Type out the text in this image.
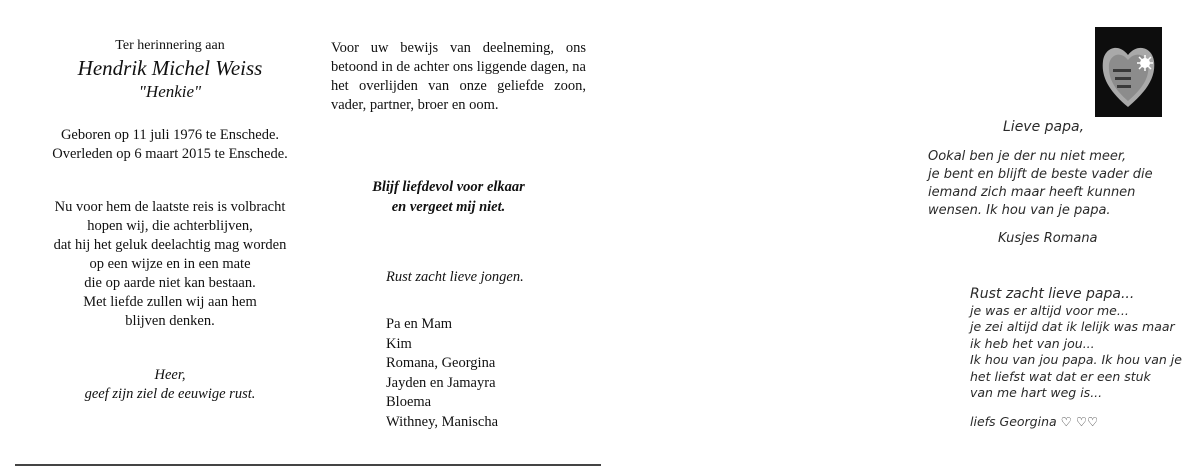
Ter herinnering aan

Hendrik Michel Weiss

"Henkie"

Geboren op 11 juli 1976 te Enschede.

Overleden op 6 maart 2015 te Enschede.

Nu voor hem de laatste reis is volbracht

hopen wij, die achterblijven,

dat hij het geluk deelachtig mag worden

op een wijze en in een mate

die op aarde niet kan bestaan.

Met liefde zullen wij aan hem

blijven denken.

Heer,

geef zijn ziel de eeuwige rust.

Voor uw bewijs van deelneming, ons betoond in de achter ons liggende dagen, na het overlijden van onze geliefde zoon, vader, partner, broer en oom.
Blijf liefdevol voor elkaar
en vergeet mij niet.
Rust zacht lieve jongen.
Pa en Mam
Kim
Romana, Georgina
Jayden en Jamayra
Bloema
Withney, Manischa
Lieve papa,
Ookal ben je der nu niet meer,
je bent en blijft de beste vader die
iemand zich maar heeft kunnen
wensen. Ik hou van je papa.
Kusjes Romana
Rust zacht lieve papa...
je was er altijd voor me...
je zei altijd dat ik lelijk was maar
ik heb het van jou...
Ik hou van jou papa. Ik hou van je
het liefst wat dat er een stuk
van me hart weg is...
liefs Georgina ♡ ♡♡
